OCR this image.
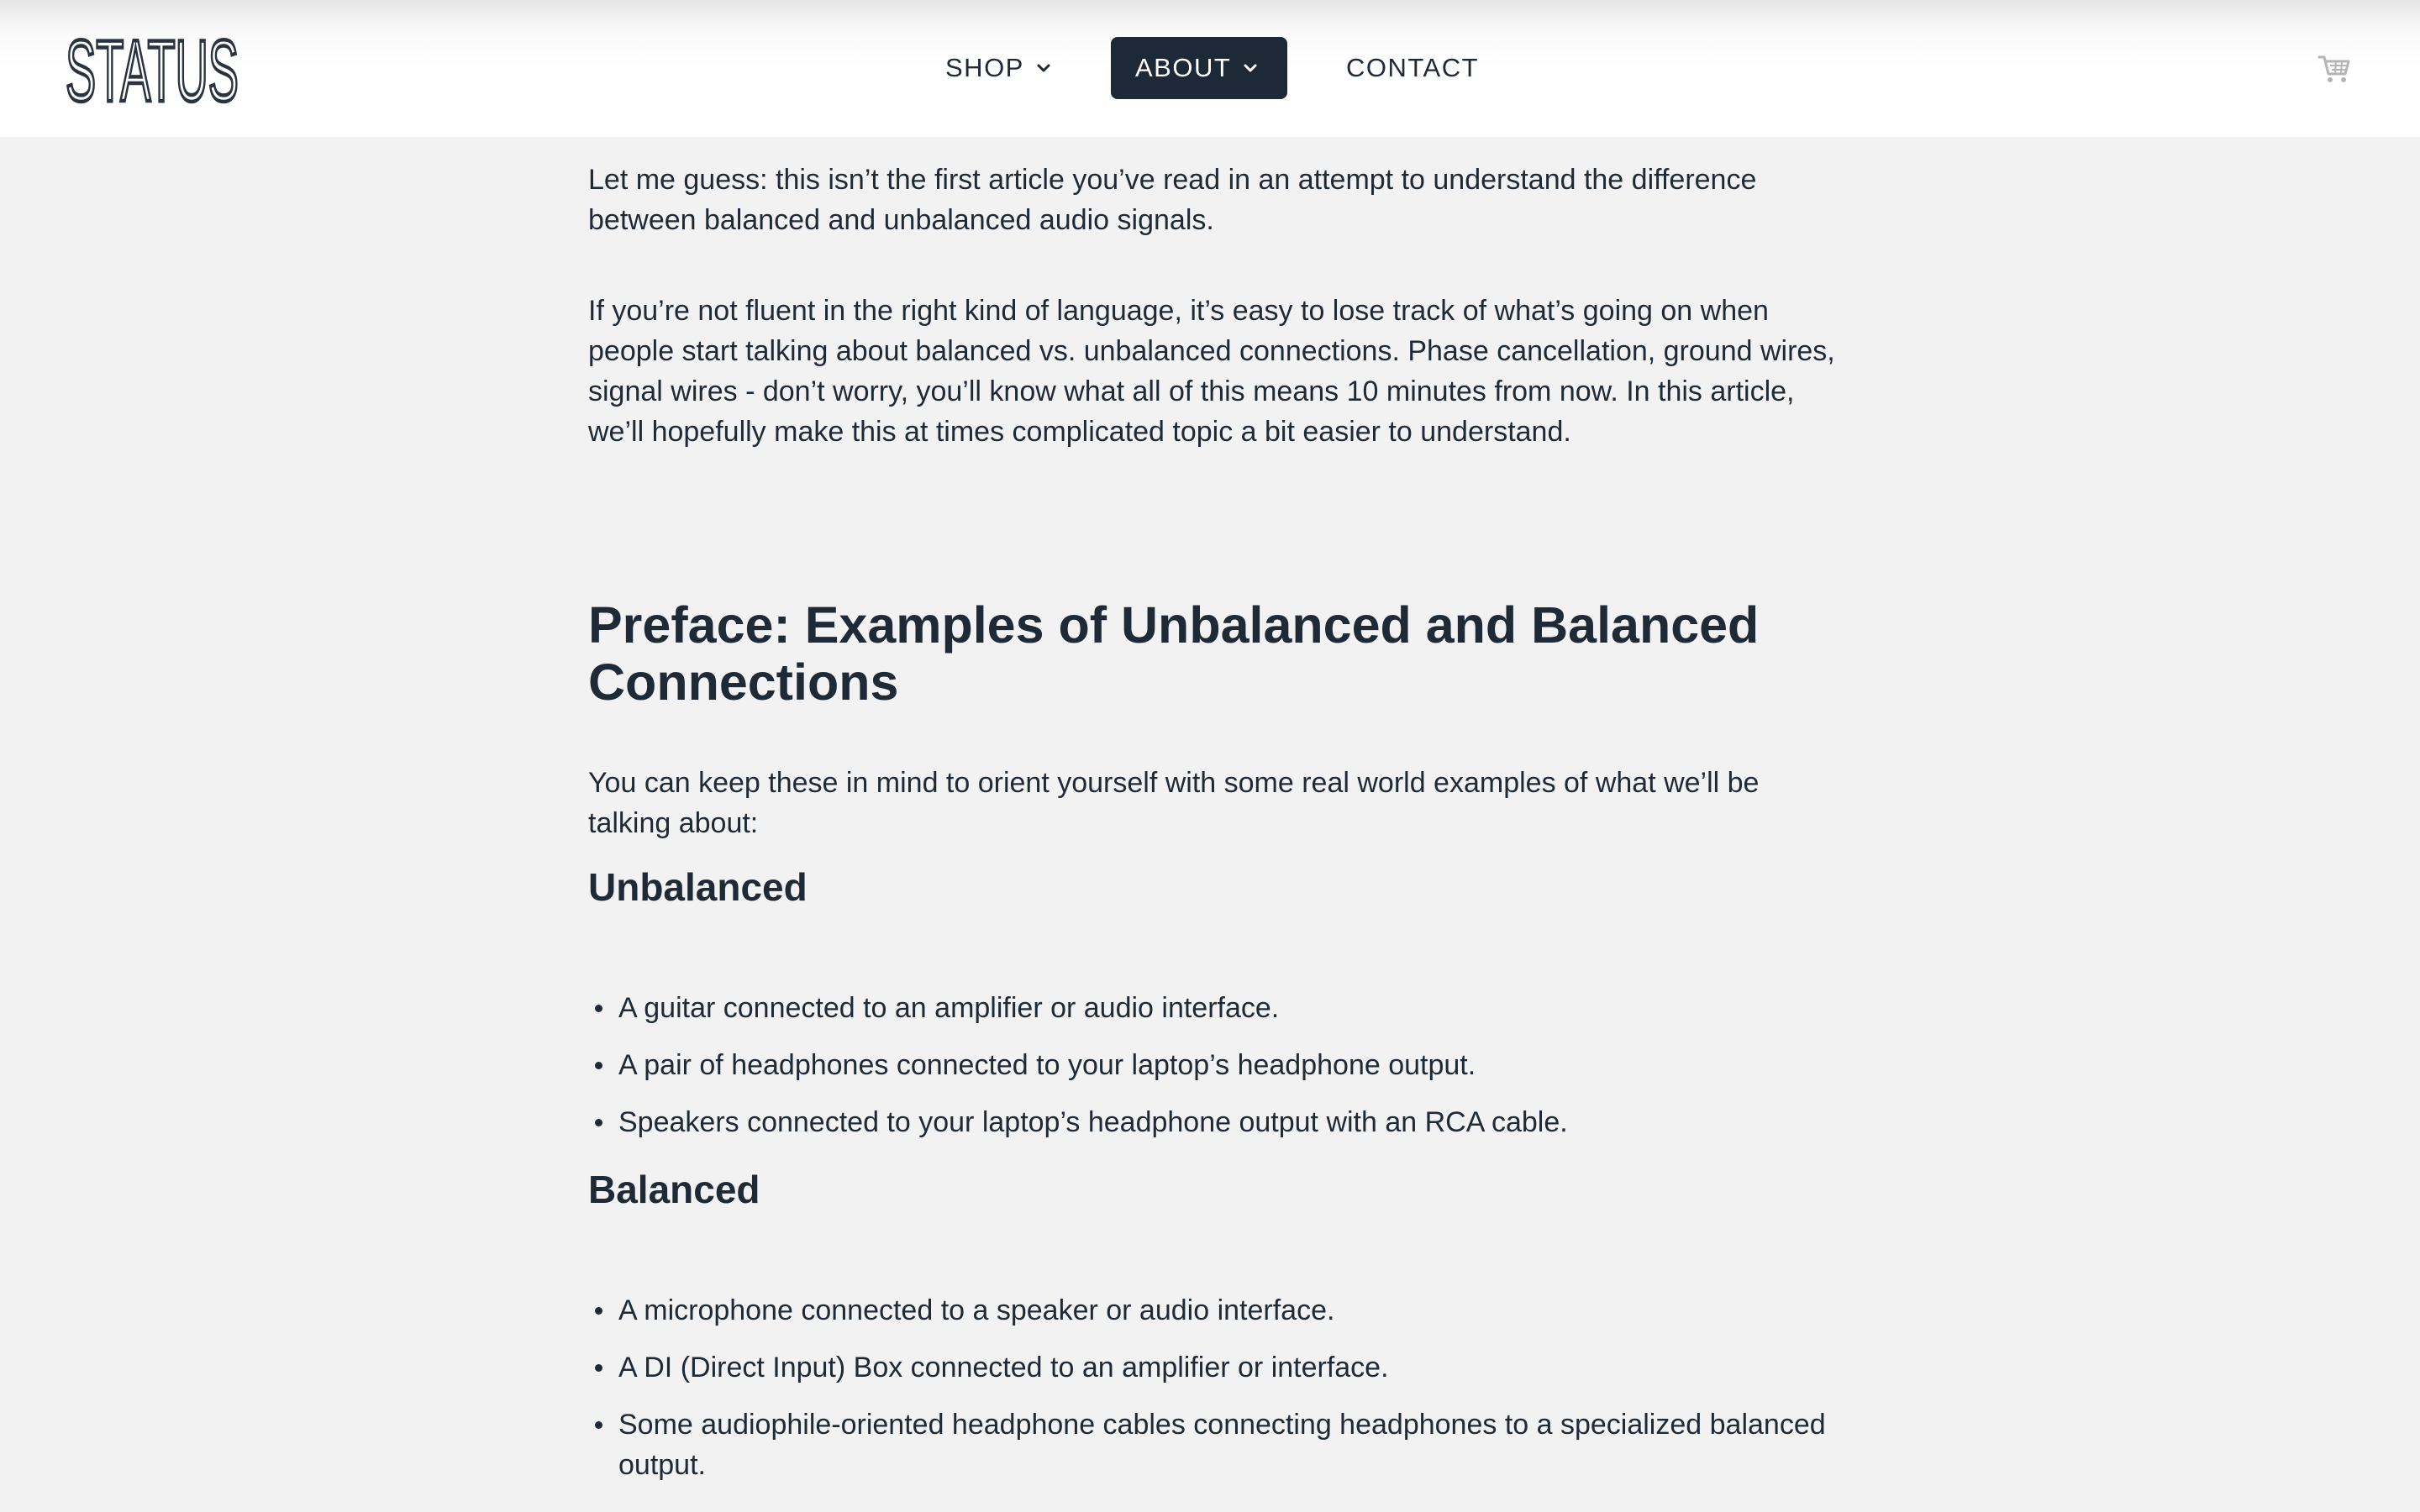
STATUS	SHOP	ABOUT	CONTACT

Let me guess: this isn’t the first article you’ve read in an attempt to understand the difference between balanced and unbalanced audio signals.

If you’re not fluent in the right kind of language, it’s easy to lose track of what’s going on when people start talking about balanced vs. unbalanced connections. Phase cancellation, ground wires, signal wires - don’t worry, you’ll know what all of this means 10 minutes from now. In this article, we’ll hopefully make this at times complicated topic a bit easier to understand.

Preface: Examples of Unbalanced and Balanced Connections

You can keep these in mind to orient yourself with some real world examples of what we’ll be talking about:

Unbalanced
A guitar connected to an amplifier or audio interface.
A pair of headphones connected to your laptop’s headphone output.
Speakers connected to your laptop’s headphone output with an RCA cable.
Balanced
A microphone connected to a speaker or audio interface.
A DI (Direct Input) Box connected to an amplifier or interface.
Some audiophile-oriented headphone cables connecting headphones to a specialized balanced output.
